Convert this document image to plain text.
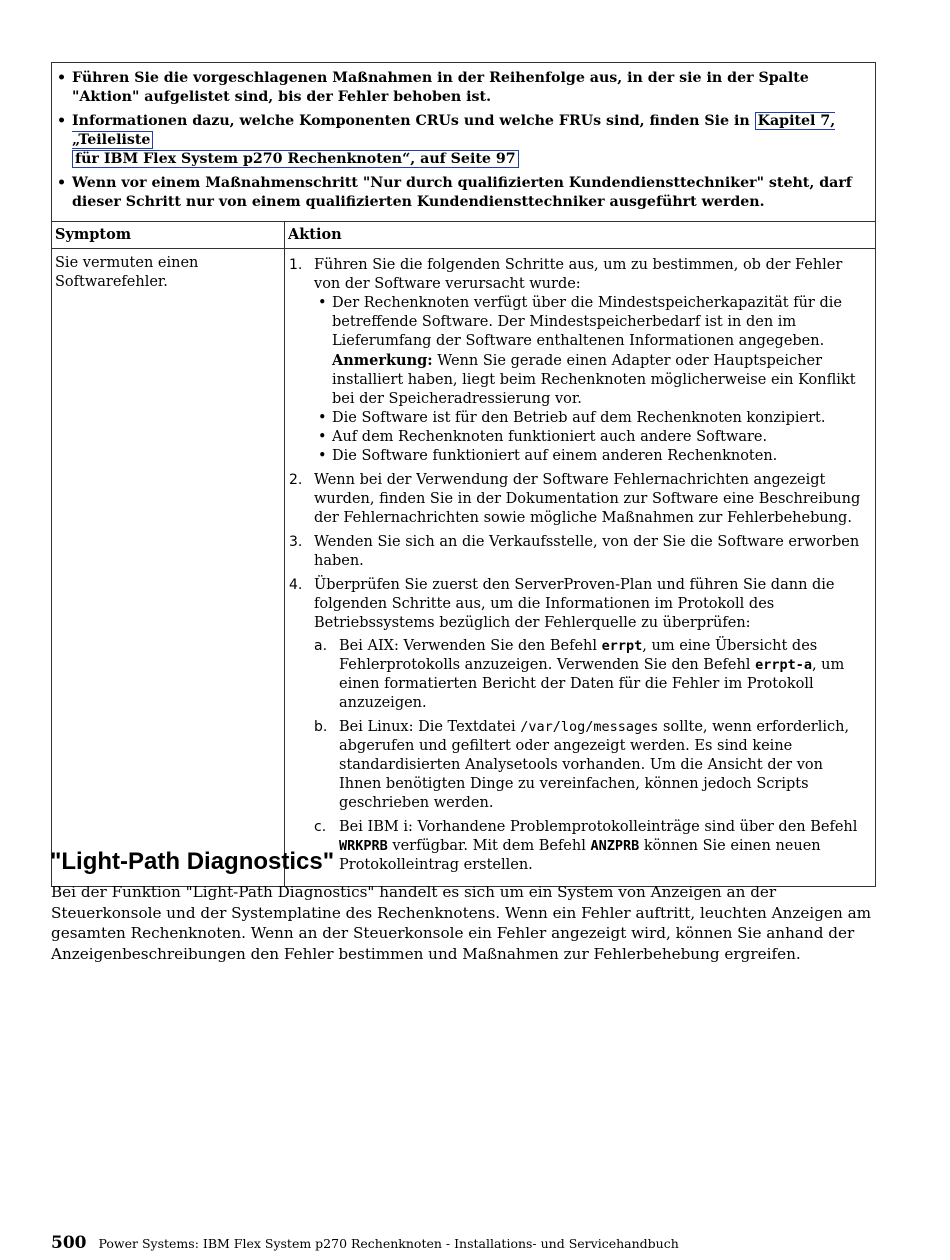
• Führen Sie die vorgeschlagenen Maßnahmen in der Reihenfolge aus, in der sie in der Spalte "Aktion" aufgelistet sind, bis der Fehler behoben ist.
• Informationen dazu, welche Komponenten CRUs und welche FRUs sind, finden Sie in Kapitel 7, „Teileliste
für IBM Flex System p270 Rechenknoten“, auf Seite 97
• Wenn vor einem Maßnahmenschritt "Nur durch qualifizierten Kundendiensttechniker" steht, darf dieser Schritt nur von einem qualifizierten Kundendiensttechniker ausgeführt werden.
Symptom	Aktion
Sie vermuten einen Softwarefehler.
1. Führen Sie die folgenden Schritte aus, um zu bestimmen, ob der Fehler von der Software verursacht wurde:
• Der Rechenknoten verfügt über die Mindestspeicherkapazität für die betreffende Software. Der Mindestspeicherbedarf ist in den im Lieferumfang der Software enthaltenen Informationen angegeben.
Anmerkung: Wenn Sie gerade einen Adapter oder Hauptspeicher installiert haben, liegt beim Rechenknoten möglicherweise ein Konflikt bei der Speicheradressierung vor.
• Die Software ist für den Betrieb auf dem Rechenknoten konzipiert.
• Auf dem Rechenknoten funktioniert auch andere Software.
• Die Software funktioniert auf einem anderen Rechenknoten.
2. Wenn bei der Verwendung der Software Fehlernachrichten angezeigt wurden, finden Sie in der Dokumentation zur Software eine Beschreibung der Fehlernachrichten sowie mögliche Maßnahmen zur Fehlerbehebung.
3. Wenden Sie sich an die Verkaufsstelle, von der Sie die Software erworben haben.
4. Überprüfen Sie zuerst den ServerProven-Plan und führen Sie dann die folgenden Schritte aus, um die Informationen im Protokoll des Betriebssystems bezüglich der Fehlerquelle zu überprüfen:
a. Bei AIX: Verwenden Sie den Befehl errpt, um eine Übersicht des Fehlerprotokolls anzuzeigen. Verwenden Sie den Befehl errpt-a, um einen formatierten Bericht der Daten für die Fehler im Protokoll anzuzeigen.
b. Bei Linux: Die Textdatei /var/log/messages sollte, wenn erforderlich, abgerufen und gefiltert oder angezeigt werden. Es sind keine standardisierten Analysetools vorhanden. Um die Ansicht der von Ihnen benötigten Dinge zu vereinfachen, können jedoch Scripts geschrieben werden.
c. Bei IBM i: Vorhandene Problemprotokolleinträge sind über den Befehl WRKPRB verfügbar. Mit dem Befehl ANZPRB können Sie einen neuen Protokolleintrag erstellen.
"Light-Path Diagnostics"

Bei der Funktion "Light-Path Diagnostics" handelt es sich um ein System von Anzeigen an der Steuerkonsole und der Systemplatine des Rechenknotens. Wenn ein Fehler auftritt, leuchten Anzeigen am gesamten Rechenknoten. Wenn an der Steuerkonsole ein Fehler angezeigt wird, können Sie anhand der Anzeigenbeschreibungen den Fehler bestimmen und Maßnahmen zur Fehlerbehebung ergreifen.

500 Power Systems: IBM Flex System p270 Rechenknoten - Installations- und Servicehandbuch
